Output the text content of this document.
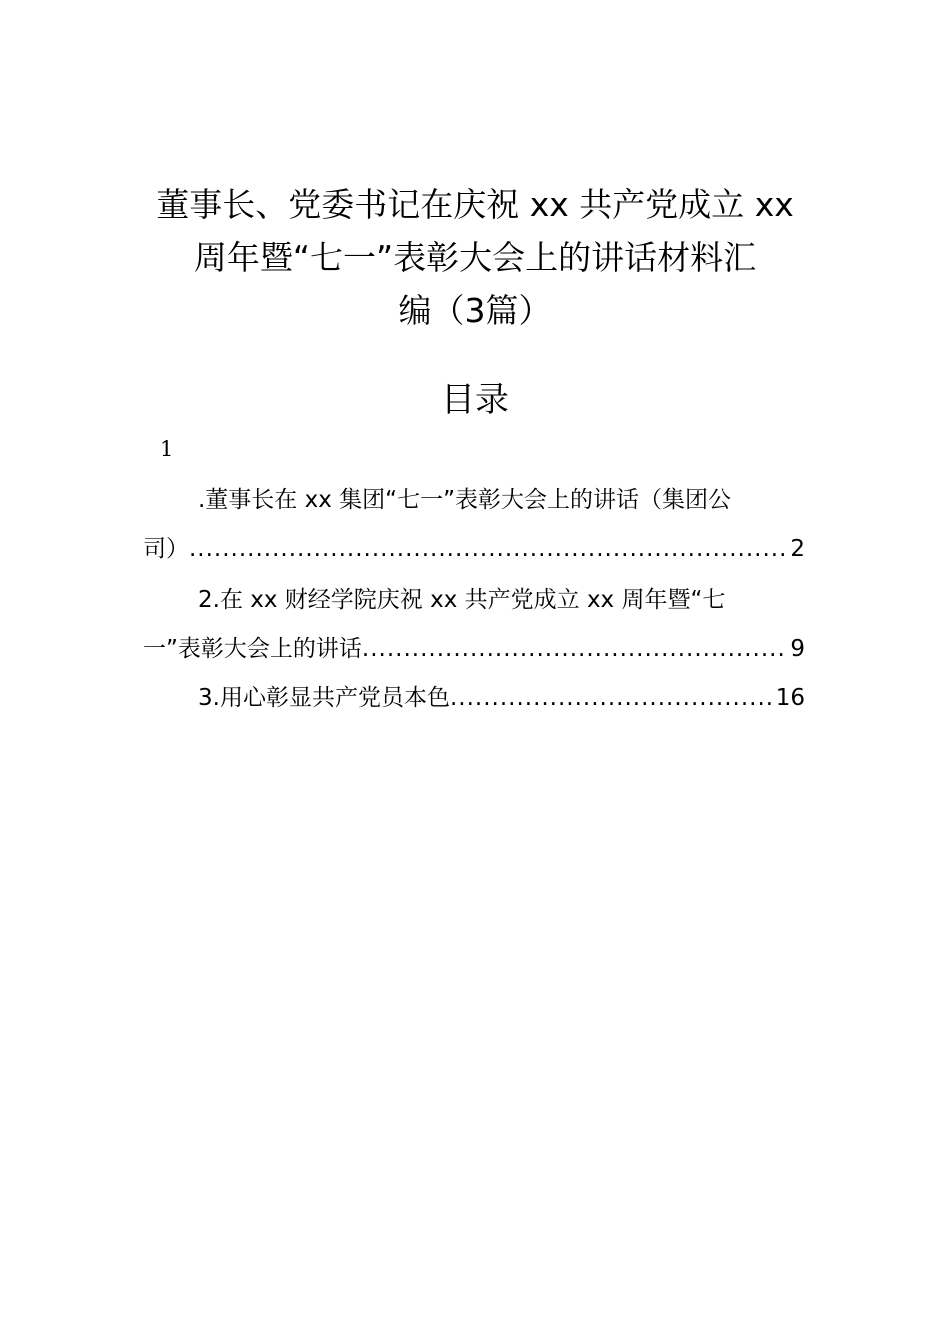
董事长、党委书记在庆祝 xx 共产党成立 xx
周年暨“七一”表彰大会上的讲话材料汇
编（3篇）
目录
1
.董事长在 xx 集团“七一”表彰大会上的讲话（集团公
司） .....	2
2.在 xx 财经学院庆祝 xx 共产党成立 xx 周年暨“七
一”表彰大会上的讲话 .....	9
3.用心彰显共产党员本色 .....	16
